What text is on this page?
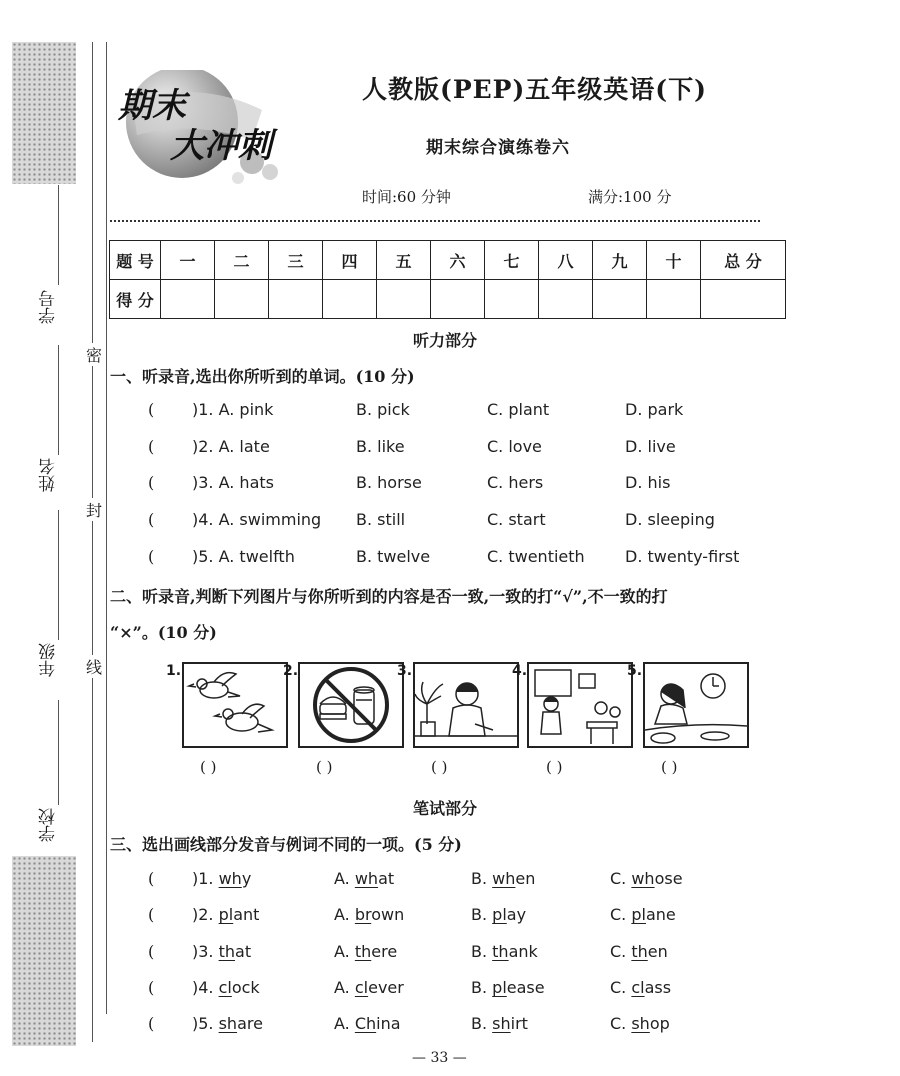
学号
姓名
年级
学校
密
封
线
期末
大冲刺
人教版(PEP)五年级英语(下)
期末综合演练卷六
时间:60 分钟	满分:100 分
题 号	一	二	三	四	五	六	七	八	九	十	总 分
得 分											
听力部分
一、听录音,选出你所听到的单词。(10 分)
( )1. A. pink	B. pick	C. plant	D. park
( )2. A. late	B. like	C. love	D. live
( )3. A. hats	B. horse	C. hers	D. his
( )4. A. swimming B. still	C. start	D. sleeping
( )5. A. twelfth	B. twelve	C. twentieth	D. twenty-first
二、听录音,判断下列图片与你所听到的内容是否一致,一致的打“√”,不一致的打
“×”。(10 分)
1.
( )
2.
( )
3.
( )
4.
( )
5.
( )
笔试部分
三、选出画线部分发音与例词不同的一项。(5 分)
( )1. why	A. what	B. when	C. whose
( )2. plant	A. brown	B. play	C. plane
( )3. that	A. there	B. thank	C. then
( )4. clock	A. clever	B. please	C. class
( )5. share	A. China	B. shirt	C. shop
— 33 —
